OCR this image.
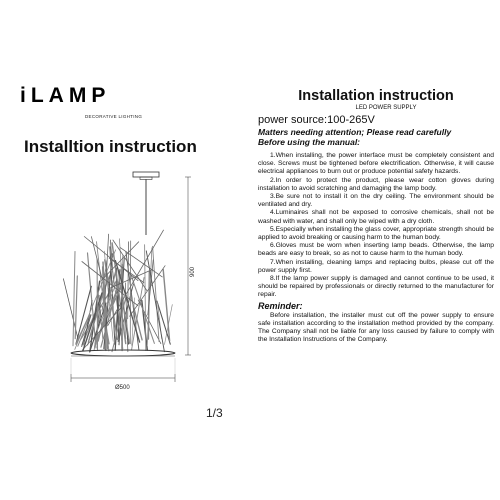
iLAMP
DECORATIVE LIGHTING
Installtion instruction
900
Ø500
1/3
Installation instruction
LED POWER SUPPLY
power source:100-265V
Matters needing attention; Please read carefully
Before using the manual:

1.When installing, the power interface must be completely consistent and close. Screws must be tightened before electrification. Otherwise, it will cause electrical appliances to burn out or produce potential safety hazards.

2.In order to protect the product, please wear cotton gloves during installation to avoid scratching and damaging the lamp body.

3.Be sure not to install it on the dry ceiling. The environment should be ventilated and dry.

4.Luminaires shall not be exposed to corrosive chemicals, shall not be washed with water, and shall only be wiped with a dry cloth.

5.Especially when installing the glass cover, appropriate strength should be applied to avoid breaking or causing harm to the human body.

6.Gloves must be worn when inserting lamp beads. Otherwise, the lamp beads are easy to break, so as not to cause harm to the human body.

7.When installing, cleaning lamps and replacing bulbs, please cut off the power supply first.

8.If the lamp power supply is damaged and cannot continue to be used, it should be repaired by professionals or directly returned to the manufacturer for repair.

Reminder:

Before installation, the installer must cut off the power supply to ensure safe installation according to the installation method provided by the company. The Company shall not be liable for any loss caused by failure to comply with the Installation Instructions of the Company.
